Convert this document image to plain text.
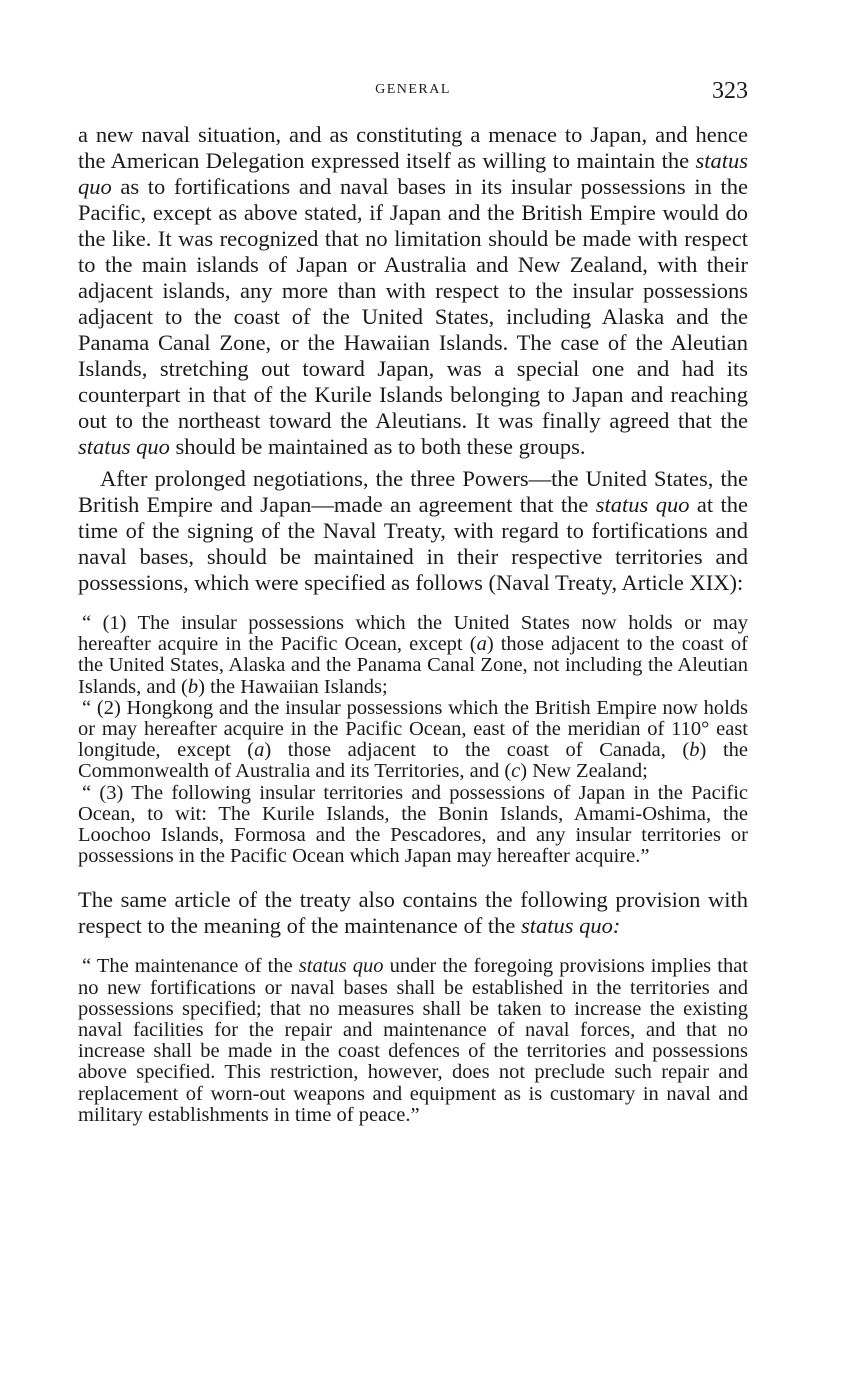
GENERAL	323

a new naval situation, and as constituting a menace to Japan, and hence the American Delegation expressed itself as willing to maintain the status quo as to fortifications and naval bases in its insular possessions in the Pacific, except as above stated, if Japan and the British Empire would do the like. It was recognized that no limitation should be made with respect to the main islands of Japan or Australia and New Zealand, with their adjacent islands, any more than with respect to the insular possessions adjacent to the coast of the United States, including Alaska and the Panama Canal Zone, or the Hawaiian Islands. The case of the Aleutian Islands, stretching out toward Japan, was a special one and had its counterpart in that of the Kurile Islands belonging to Japan and reaching out to the northeast toward the Aleutians. It was finally agreed that the status quo should be maintained as to both these groups.

After prolonged negotiations, the three Powers—the United States, the British Empire and Japan—made an agreement that the status quo at the time of the signing of the Naval Treaty, with regard to fortifications and naval bases, should be maintained in their respective territories and possessions, which were specified as follows (Naval Treaty, Article XIX):

“ (1) The insular possessions which the United States now holds or may hereafter acquire in the Pacific Ocean, except (a) those adjacent to the coast of the United States, Alaska and the Panama Canal Zone, not including the Aleutian Islands, and (b) the Hawaiian Islands;

“ (2) Hongkong and the insular possessions which the British Empire now holds or may hereafter acquire in the Pacific Ocean, east of the meridian of 110° east longitude, except (a) those adjacent to the coast of Canada, (b) the Commonwealth of Australia and its Territories, and (c) New Zealand;

“ (3) The following insular territories and possessions of Japan in the Pacific Ocean, to wit: The Kurile Islands, the Bonin Islands, Amami-Oshima, the Loochoo Islands, Formosa and the Pescadores, and any insular territories or possessions in the Pacific Ocean which Japan may hereafter acquire.”

The same article of the treaty also contains the following provision with respect to the meaning of the maintenance of the status quo:

“ The maintenance of the status quo under the foregoing provisions implies that no new fortifications or naval bases shall be established in the territories and possessions specified; that no measures shall be taken to increase the existing naval facilities for the repair and maintenance of naval forces, and that no increase shall be made in the coast defences of the territories and possessions above specified. This restriction, however, does not preclude such repair and replacement of worn-out weapons and equipment as is customary in naval and military establishments in time of peace.”
